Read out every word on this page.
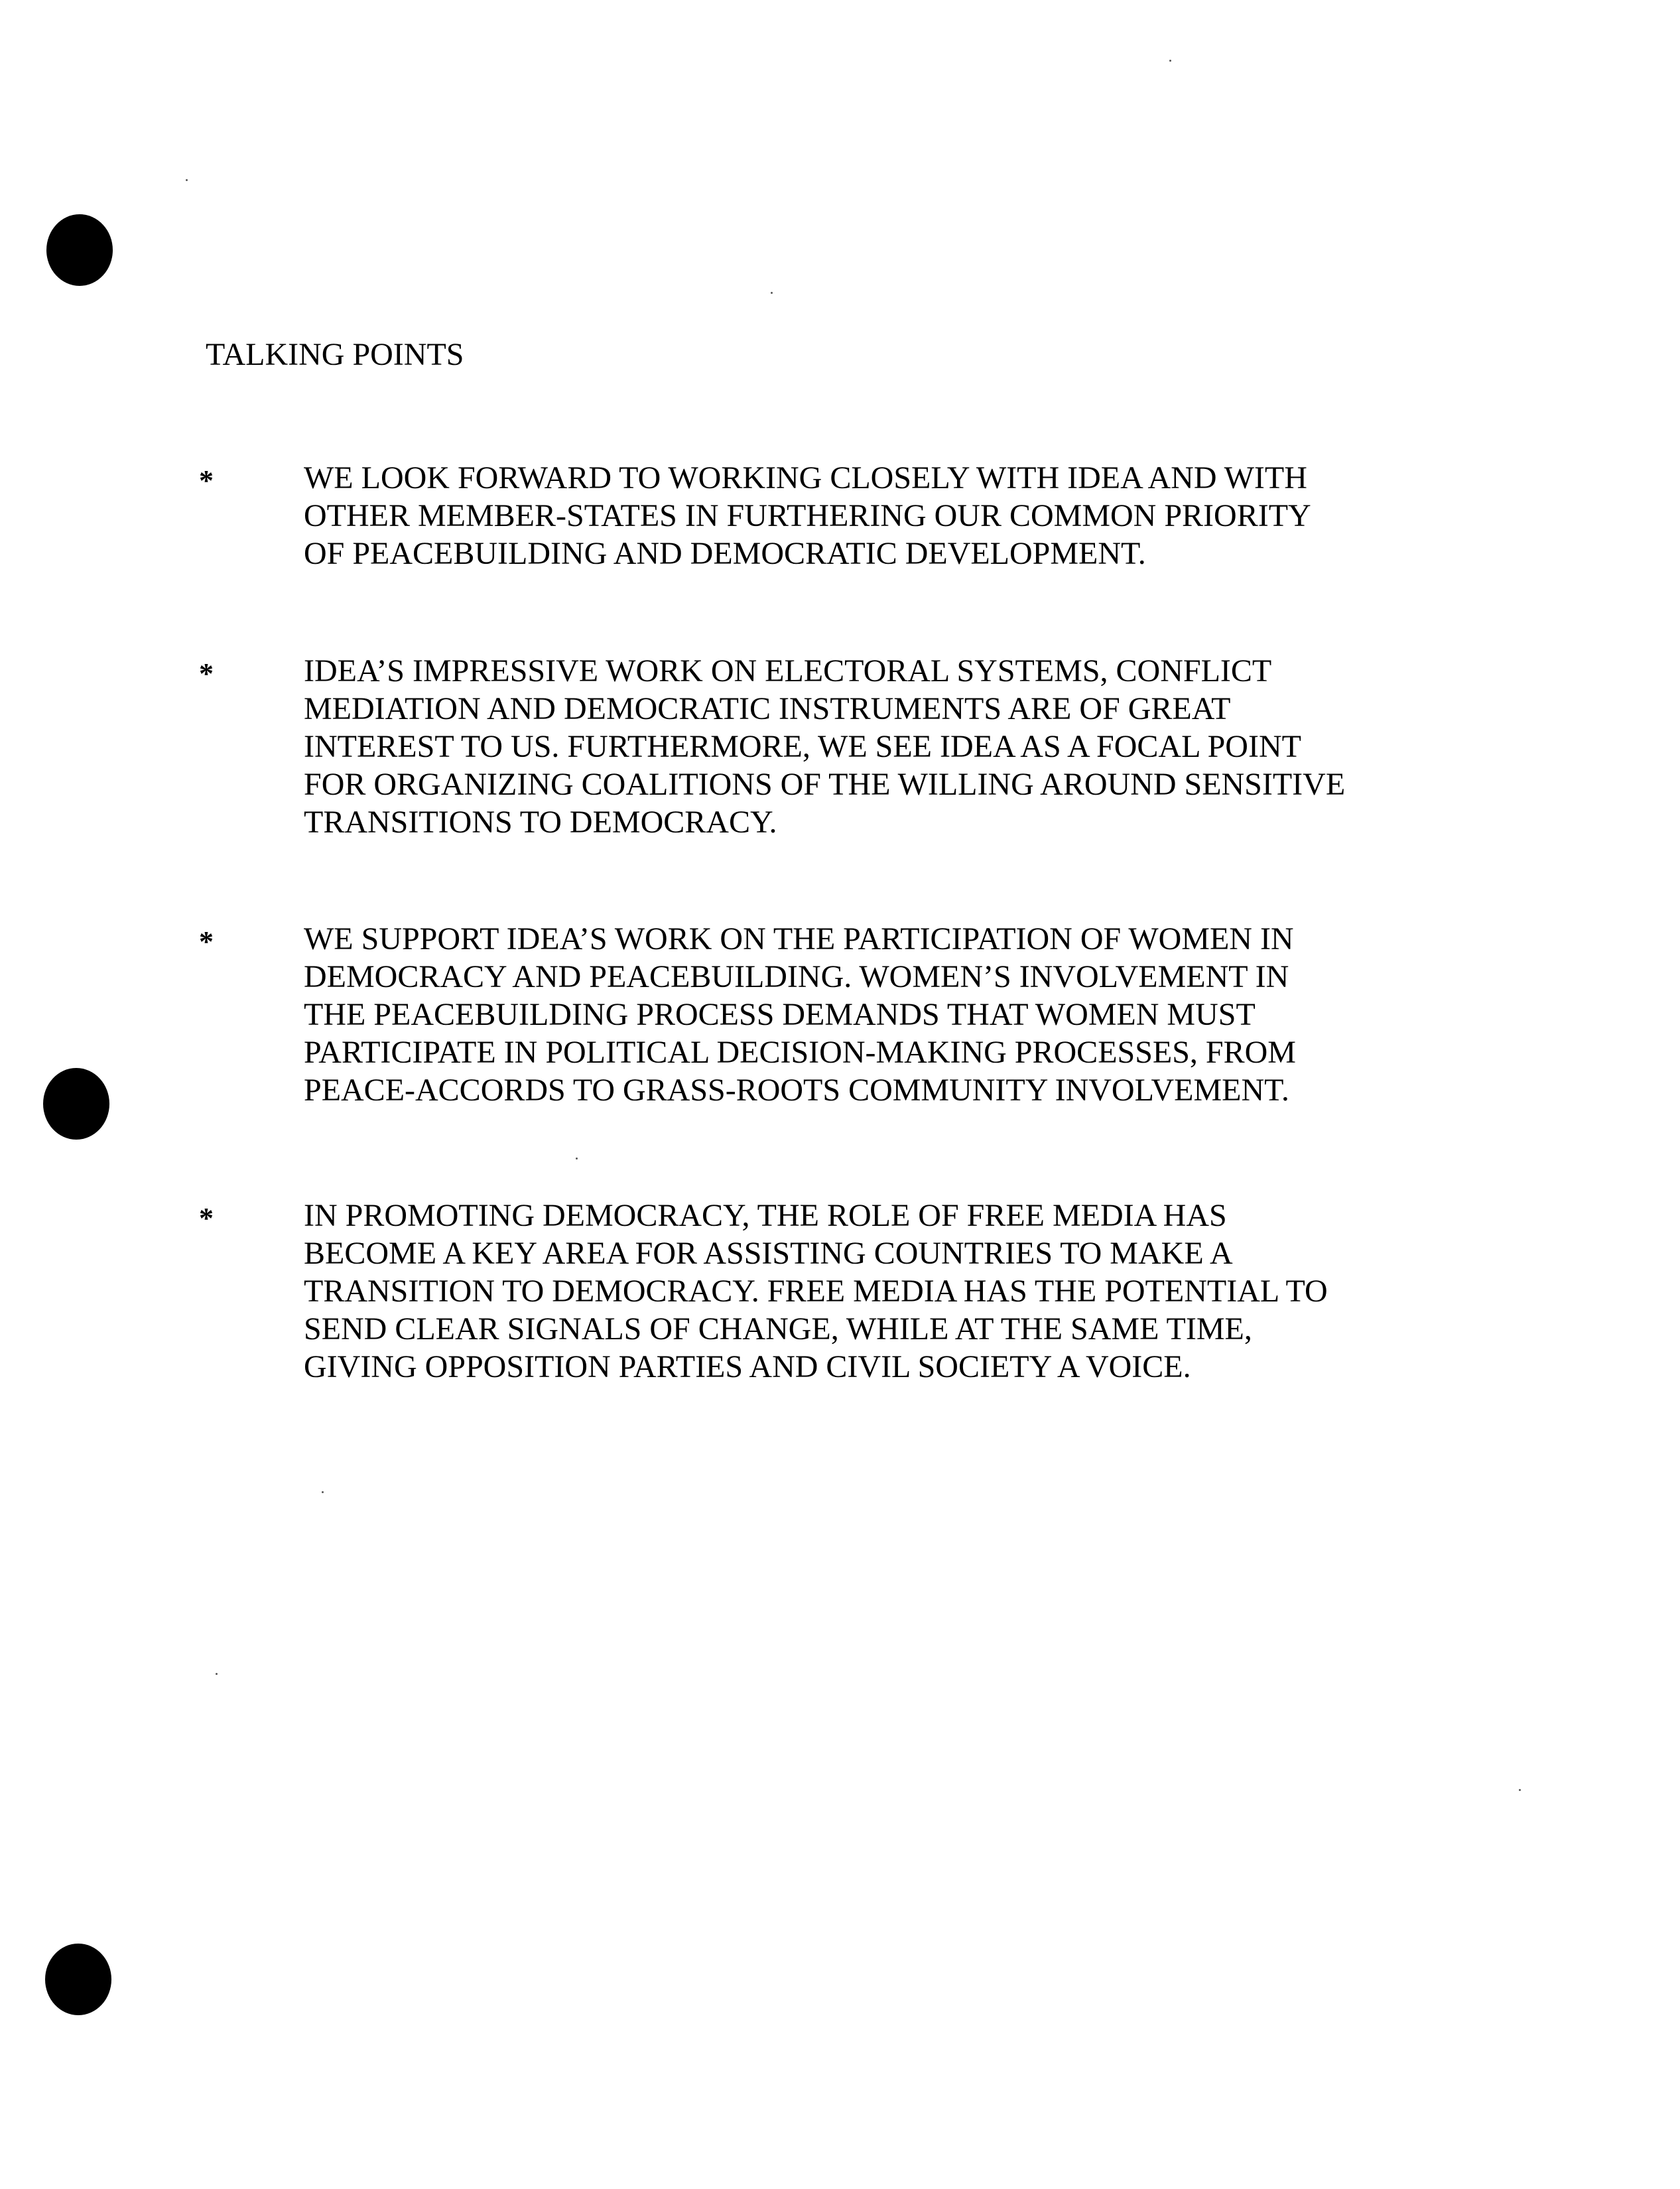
TALKING POINTS
*	WE LOOK FORWARD TO WORKING CLOSELY WITH IDEA AND WITH
OTHER MEMBER-STATES IN FURTHERING OUR COMMON PRIORITY
OF PEACEBUILDING AND DEMOCRATIC DEVELOPMENT.
*	IDEA’S IMPRESSIVE WORK ON ELECTORAL SYSTEMS, CONFLICT
MEDIATION AND DEMOCRATIC INSTRUMENTS ARE OF GREAT
INTEREST TO US. FURTHERMORE, WE SEE IDEA AS A FOCAL POINT
FOR ORGANIZING COALITIONS OF THE WILLING AROUND SENSITIVE
TRANSITIONS TO DEMOCRACY.
*	WE SUPPORT IDEA’S WORK ON THE PARTICIPATION OF WOMEN IN
DEMOCRACY AND PEACEBUILDING. WOMEN’S INVOLVEMENT IN
THE PEACEBUILDING PROCESS DEMANDS THAT WOMEN MUST
PARTICIPATE IN POLITICAL DECISION-MAKING PROCESSES, FROM
PEACE-ACCORDS TO GRASS-ROOTS COMMUNITY INVOLVEMENT.
*	IN PROMOTING DEMOCRACY, THE ROLE OF FREE MEDIA HAS
BECOME A KEY AREA FOR ASSISTING COUNTRIES TO MAKE A
TRANSITION TO DEMOCRACY. FREE MEDIA HAS THE POTENTIAL TO
SEND CLEAR SIGNALS OF CHANGE, WHILE AT THE SAME TIME,
GIVING OPPOSITION PARTIES AND CIVIL SOCIETY A VOICE.
